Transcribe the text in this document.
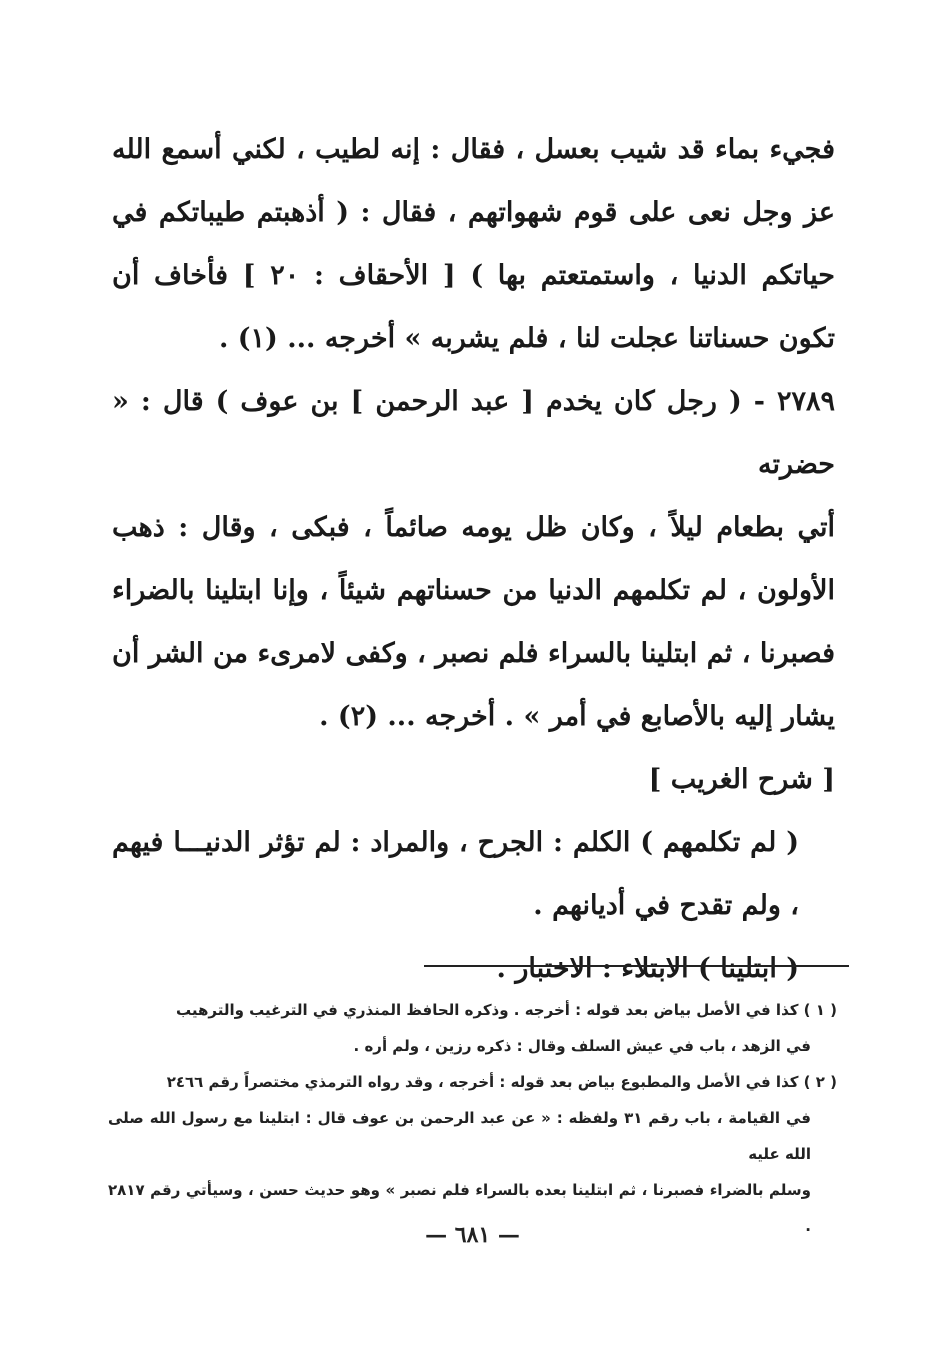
فجيء بماء قد شيب بعسل ، فقال : إنه لطيب ، لكني أسمع الله عز وجل نعى على قوم شهواتهم ، فقال : ( أذهبتم طيباتكم في حياتكم الدنيا ، واستمتعتم بها ) [ الأحقاف : ٢٠ ] فأخاف أن تكون حسناتنا عجلت لنا ، فلم يشربه » أخرجه ... (١) .

٢٧٨٩ - ( رجل كان يخدم [ عبد الرحمن ] بن عوف ) قال : « حضرته

أتي بطعام ليلاً ، وكان ظل يومه صائماً ، فبكى ، وقال : ذهب الأولون ، لم تكلمهم الدنيا من حسناتهم شيئاً ، وإنا ابتلينا بالضراء فصبرنا ، ثم ابتلينا بالسراء فلم نصبر ، وكفى لامرىء من الشر أن يشار إليه بالأصابع في أمر » . أخرجه ... (٢) .

[ شرح الغريب ]

( لم تكلمهم ) الكلم : الجرح ، والمراد : لم تؤثر الدنيـــا فيهم ، ولم تقدح في أديانهم .

( ابتلينا ) الابتلاء : الاختبار .

( ١ ) كذا في الأصل بياض بعد قوله : أخرجه . وذكره الحافظ المنذري في الترغيب والترهيب

في الزهد ، باب في عيش السلف وقال : ذكره رزين ، ولم أره .

( ٢ ) كذا في الأصل والمطبوع بياض بعد قوله : أخرجه ، وقد رواه الترمذي مختصراً رقم ٢٤٦٦

في القيامة ، باب رقم ٣١ ولفظه : « عن عبد الرحمن بن عوف قال : ابتلينا مع رسول الله صلى الله عليه

وسلم بالضراء فصبرنا ، ثم ابتلينا بعده بالسراء فلم نصبر » وهو حديث حسن ، وسيأتي رقم ٢٨١٧ .

— ٦٨١ —
